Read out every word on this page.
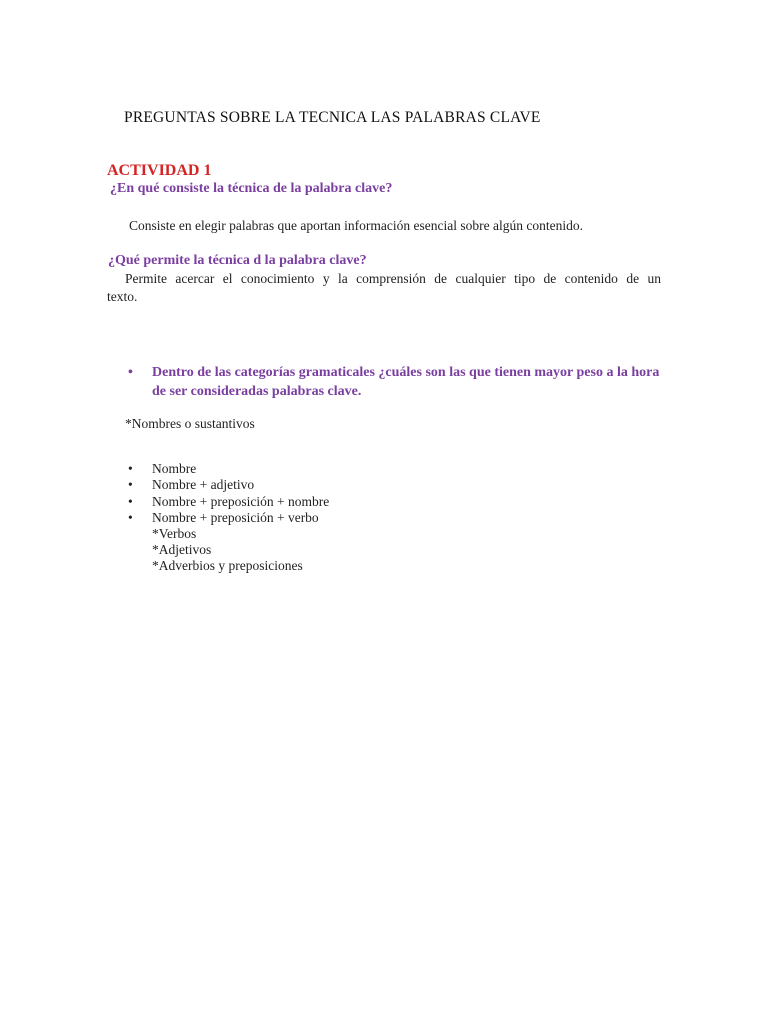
PREGUNTAS SOBRE LA TECNICA LAS PALABRAS CLAVE
ACTIVIDAD 1
¿En qué consiste la técnica de la palabra clave?
Consiste en elegir palabras que aportan información esencial sobre algún contenido.
¿Qué permite la técnica d la palabra clave?
Permite acercar el conocimiento y la comprensión de cualquier tipo de contenido de un
texto.
• Dentro de las categorías gramaticales ¿cuáles son las que tienen mayor peso a la hora de ser consideradas palabras clave.
*Nombres o sustantivos
• Nombre
• Nombre + adjetivo
• Nombre + preposición + nombre
• Nombre + preposición + verbo
*Verbos
*Adjetivos
*Adverbios y preposiciones
